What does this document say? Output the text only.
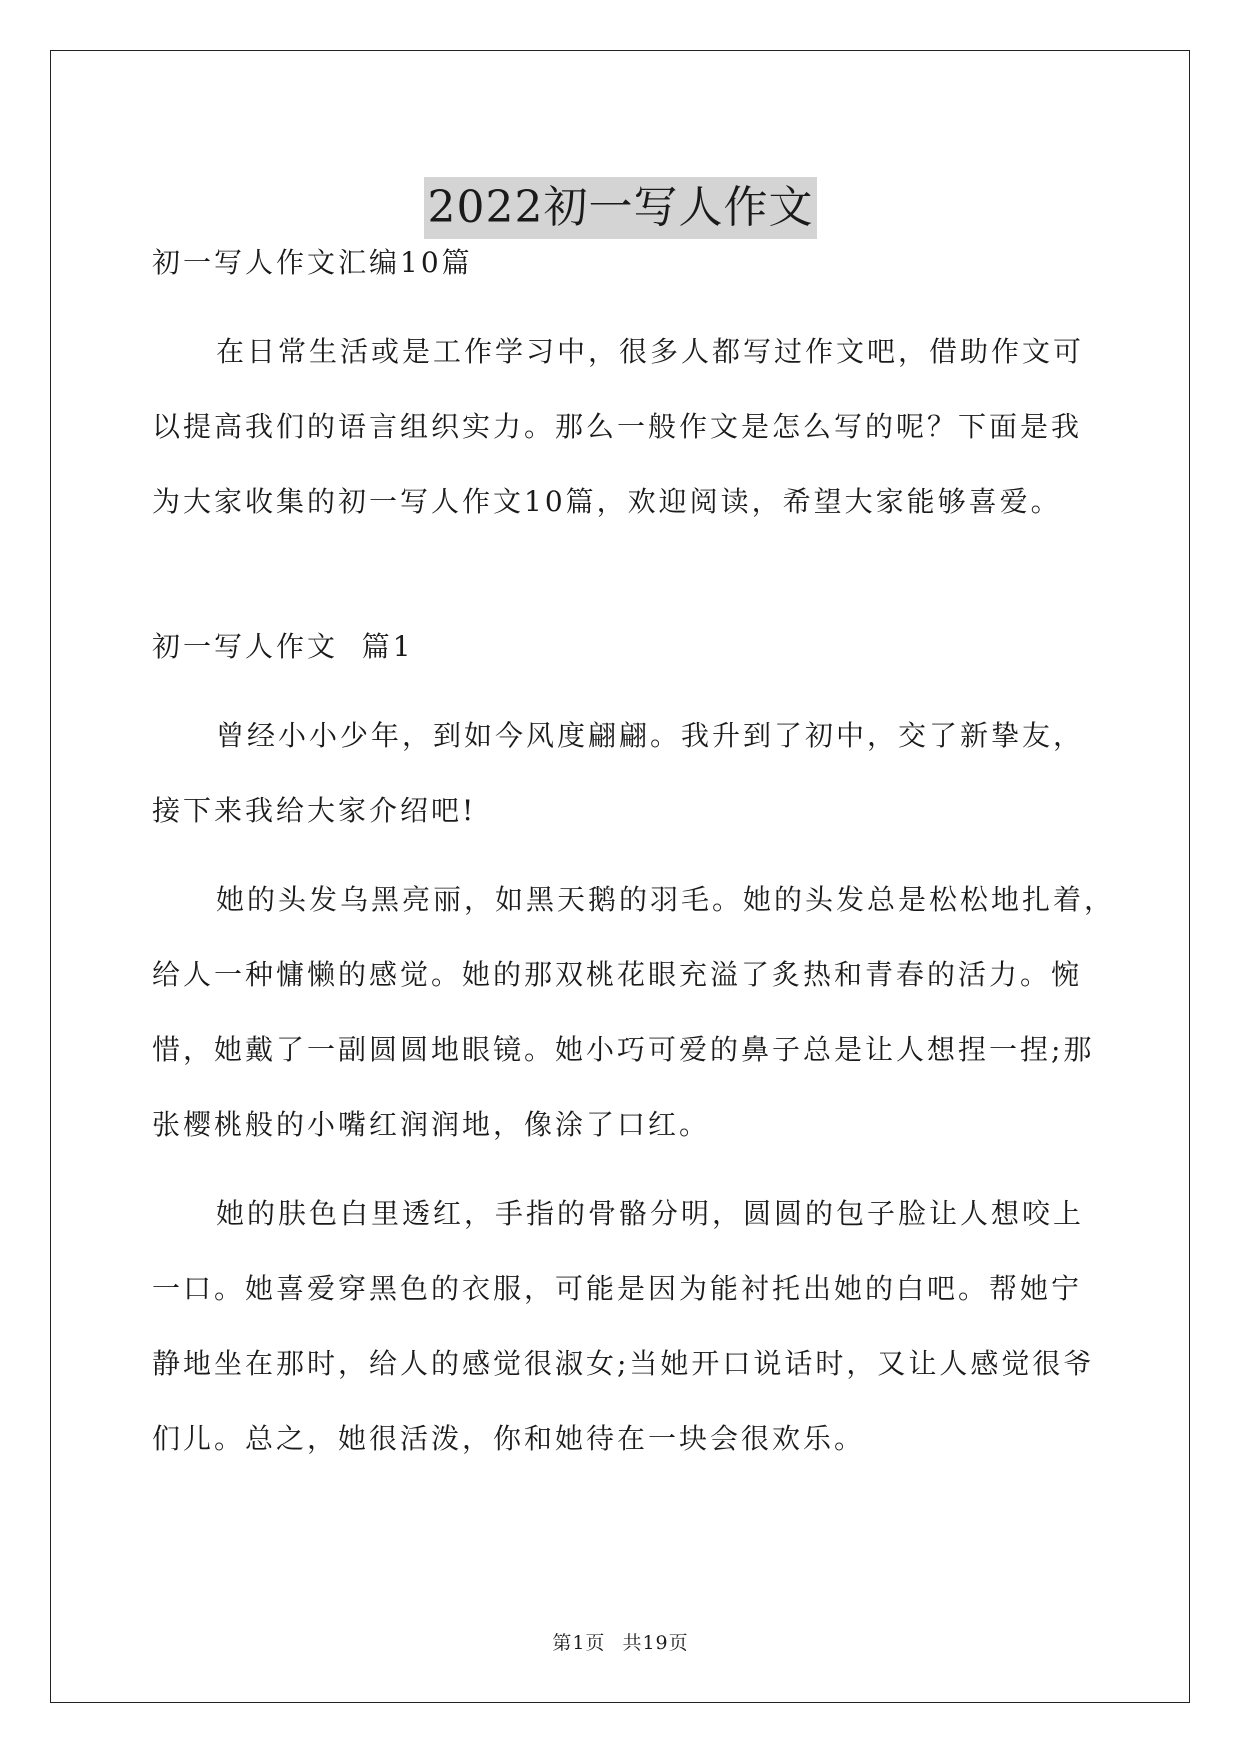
2022初一写人作文
初一写人作文汇编10篇
在日常生活或是工作学习中，很多人都写过作文吧，借助作文可
以提高我们的语言组织实力。那么一般作文是怎么写的呢？下面是我
为大家收集的初一写人作文10篇，欢迎阅读，希望大家能够喜爱。
初一写人作文  篇1
曾经小小少年，到如今风度翩翩。我升到了初中，交了新挚友，
接下来我给大家介绍吧!
她的头发乌黑亮丽，如黑天鹅的羽毛。她的头发总是松松地扎着，
给人一种慵懒的感觉。她的那双桃花眼充溢了炙热和青春的活力。惋
惜，她戴了一副圆圆地眼镜。她小巧可爱的鼻子总是让人想捏一捏;那
张樱桃般的小嘴红润润地，像涂了口红。
她的肤色白里透红，手指的骨骼分明，圆圆的包子脸让人想咬上
一口。她喜爱穿黑色的衣服，可能是因为能衬托出她的白吧。帮她宁
静地坐在那时，给人的感觉很淑女;当她开口说话时，又让人感觉很爷
们儿。总之，她很活泼，你和她待在一块会很欢乐。
第1页 共19页
